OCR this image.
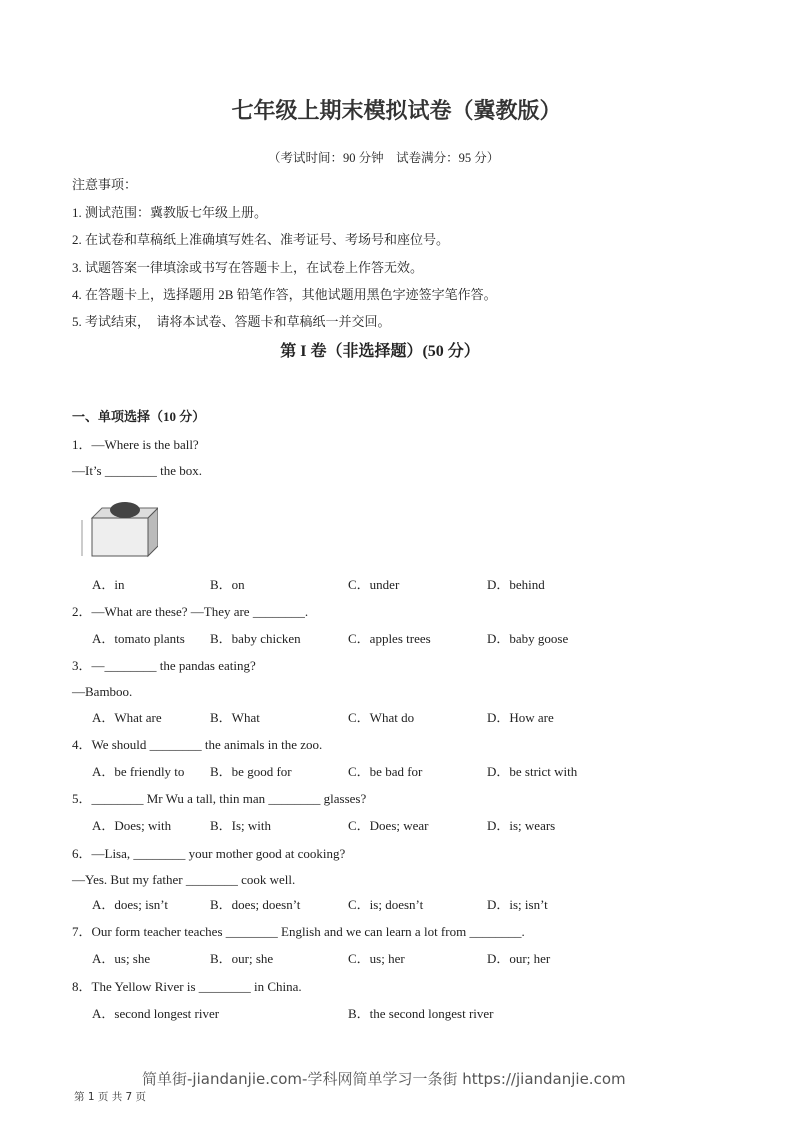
七年级上期末模拟试卷（冀教版）
（考试时间：90 分钟　试卷满分：95 分）
注意事项：
1. 测试范围：冀教版七年级上册。
2. 在试卷和草稿纸上准确填写姓名、准考证号、考场号和座位号。
3. 试题答案一律填涂或书写在答题卡上，在试卷上作答无效。
4. 在答题卡上，选择题用 2B 铅笔作答，其他试题用黑色字迹签字笔作答。
5. 考试结束，  请将本试卷、答题卡和草稿纸一并交回。
第 I 卷（非选择题）(50 分）
一、单项选择（10 分）
1．—Where is the ball?
—It’s ________ the box.
A．in	B．on	C．under	D．behind
2．—What are these? —They are ________.
A．tomato plants B．baby chicken	C．apples trees	D．baby goose
3．—________ the pandas eating?
—Bamboo.
A．What are	B．What	C．What do	D．How are
4．We should ________ the animals in the zoo.
A．be friendly to B．be good for	C．be bad for	D．be strict with
5．________ Mr Wu a tall, thin man ________ glasses?
A．Does; with	B．Is; with	C．Does; wear	D．is; wears
6．—Lisa, ________ your mother good at cooking?
—Yes. But my father ________ cook well.
A．does; isn’t	B．does; doesn’t	C．is; doesn’t	D．is; isn’t
7．Our form teacher teaches ________ English and we can learn a lot from ________.
A．us; she	B．our; she	C．us; her	D．our; her
8．The Yellow River is ________ in China.
A．second longest river	B．the second longest river
简单街-jiandanjie.com-学科网简单学习一条街 https://jiandanjie.com
第 1 页 共 7 页
